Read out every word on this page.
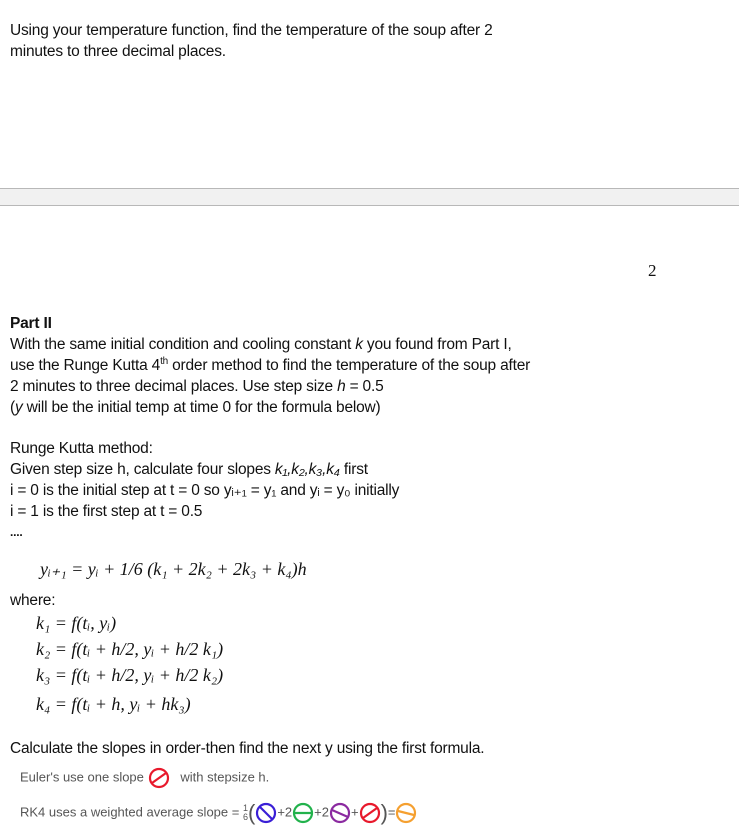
Using your temperature function, find the temperature of the soup after 2
minutes to three decimal places.
2
Part II
With the same initial condition and cooling constant k you found from Part I,
use the Runge Kutta 4th order method to find the temperature of the soup after
2 minutes to three decimal places. Use step size h = 0.5
(y will be the initial temp at time 0 for the formula below)
Runge Kutta method:
Given step size h, calculate four slopes k₁,k₂,k₃,k₄ first
i = 0 is the initial step at t = 0 so yᵢ₊₁ = y₁ and yᵢ = y₀ initially
i = 1 is the first step at t = 0.5
....
yᵢ₊₁ = yᵢ + 1/6 (k₁ + 2k₂ + 2k₃ + k₄)h
where:
k₁ = f(tᵢ, yᵢ)
k₂ = f(tᵢ + h/2, yᵢ + h/2 k₁)
k₃ = f(tᵢ + h/2, yᵢ + h/2 k₂)
k₄ = f(tᵢ + h, yᵢ + hk₃)
Calculate the slopes in order-then find the next y using the first formula.
Euler's use one slope	with stepsize h.
RK4 uses a weighted average slope = 1
6( +2 +2 + )=
